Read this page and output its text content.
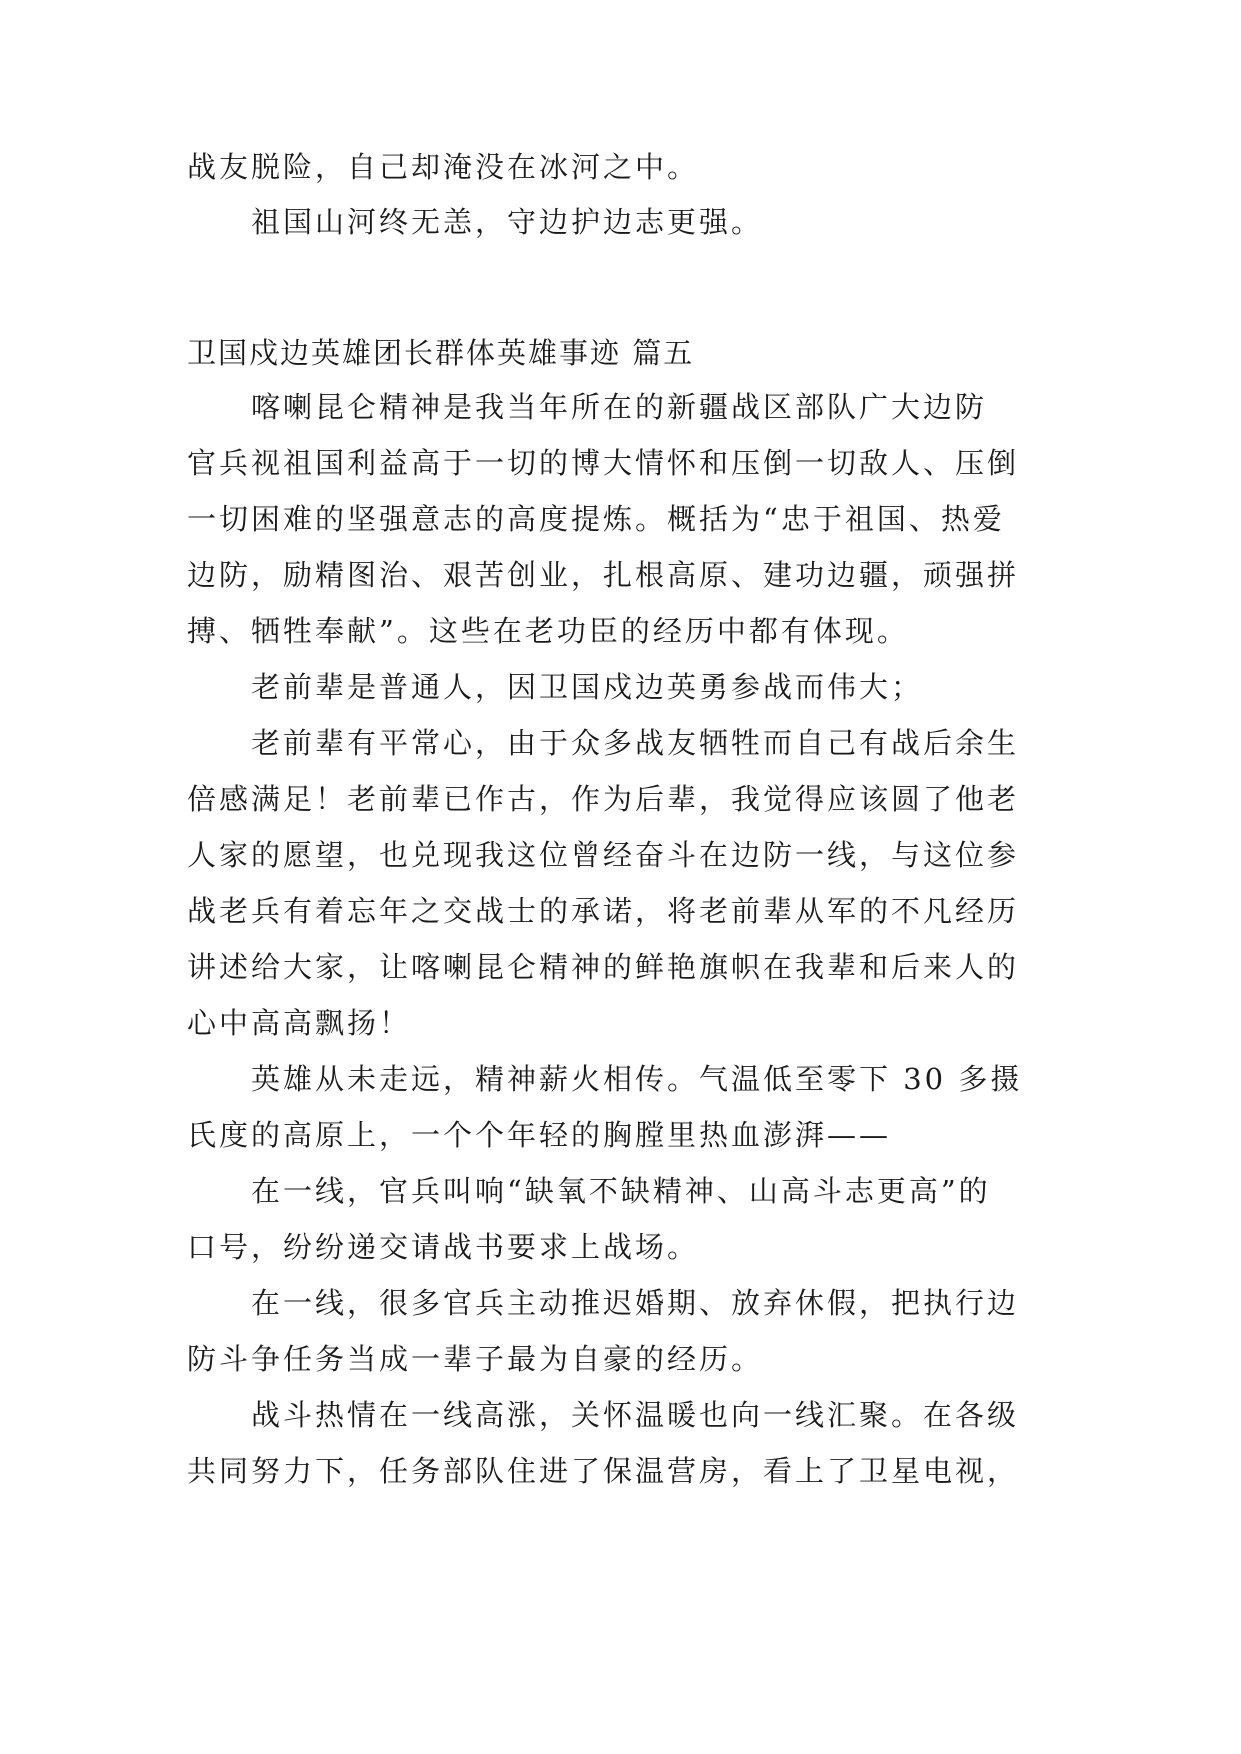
战友脱险，自己却淹没在冰河之中。
祖国山河终无恙，守边护边志更强。
卫国戍边英雄团长群体英雄事迹 篇五
喀喇昆仑精神是我当年所在的新疆战区部队广大边防
官兵视祖国利益高于一切的博大情怀和压倒一切敌人、压倒
一切困难的坚强意志的高度提炼。概括为“忠于祖国、热爱
边防，励精图治、艰苦创业，扎根高原、建功边疆，顽强拼
搏、牺牲奉献”。这些在老功臣的经历中都有体现。
老前辈是普通人，因卫国戍边英勇参战而伟大；
老前辈有平常心，由于众多战友牺牲而自己有战后余生
倍感满足！老前辈已作古，作为后辈，我觉得应该圆了他老
人家的愿望，也兑现我这位曾经奋斗在边防一线，与这位参
战老兵有着忘年之交战士的承诺，将老前辈从军的不凡经历
讲述给大家，让喀喇昆仑精神的鲜艳旗帜在我辈和后来人的
心中高高飘扬！
英雄从未走远，精神薪火相传。气温低至零下 30 多摄
氏度的高原上，一个个年轻的胸膛里热血澎湃——
在一线，官兵叫响“缺氧不缺精神、山高斗志更高”的
口号，纷纷递交请战书要求上战场。
在一线，很多官兵主动推迟婚期、放弃休假，把执行边
防斗争任务当成一辈子最为自豪的经历。
战斗热情在一线高涨，关怀温暖也向一线汇聚。在各级
共同努力下，任务部队住进了保温营房，看上了卫星电视，
